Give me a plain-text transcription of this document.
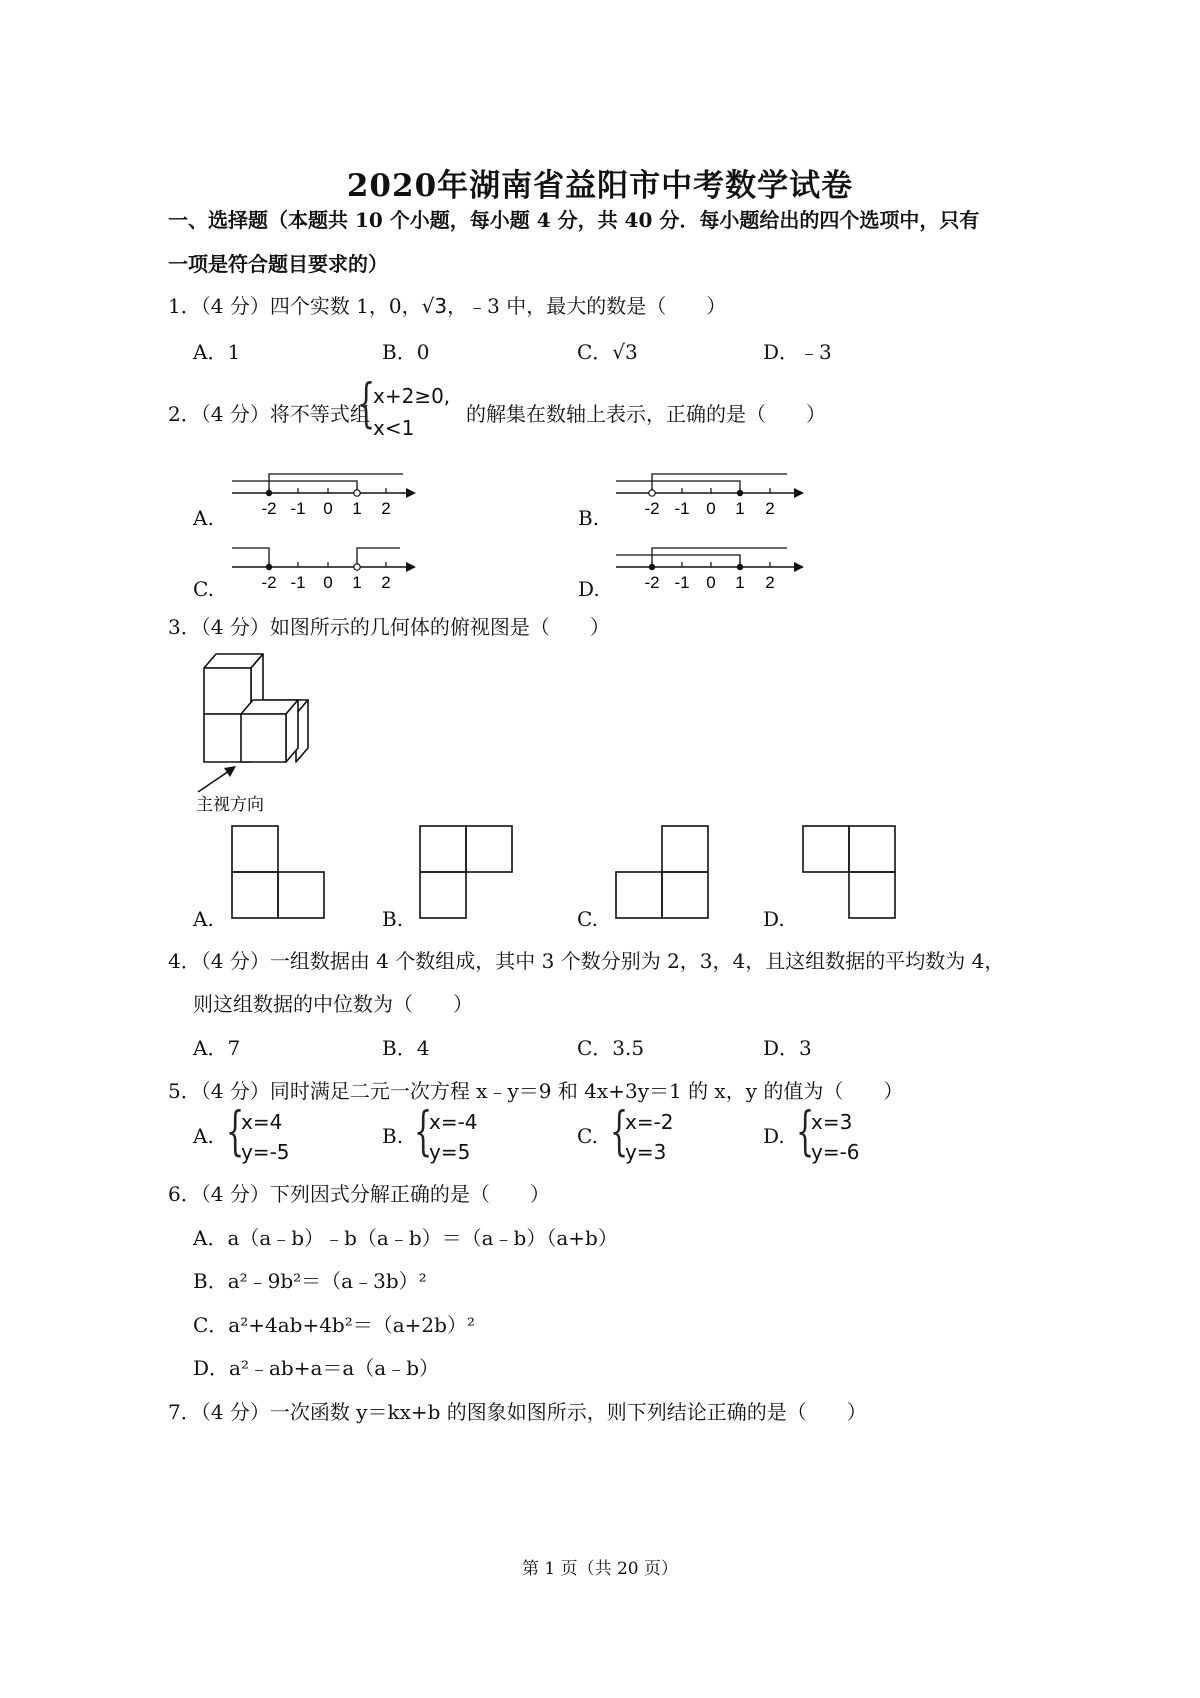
2020年湖南省益阳市中考数学试卷
一、选择题（本题共 10 个小题，每小题 4 分，共 40 分．每小题给出的四个选项中，只有
一项是符合题目要求的）
1．（4 分）四个实数 1，0，√3，﹣3 中，最大的数是（　　）
A．1	B．0	C．√3	D．﹣3
2．（4 分）将不等式组
{
x+2≥0,
x<1
的解集在数轴上表示，正确的是（　　）
A.	B.
C.	D.
-2 -1 0 1 2	-2 -1 0 1 2
-2 -1 0 1 2	-2 -1 0 1 2
3．（4 分）如图所示的几何体的俯视图是（　　）
主视方向
A.	B.	C.	D.
4．（4 分）一组数据由 4 个数组成，其中 3 个数分别为 2，3，4，且这组数据的平均数为 4，
则这组数据的中位数为（　　）
A．7	B．4	C．3.5	D．3
5．（4 分）同时满足二元一次方程 x﹣y＝9 和 4x+3y＝1 的 x，y 的值为（　　）
A. {
x=4
y=-5
B. {
x=-4
y=5
C. {
x=-2
y=3
D. {
x=3
y=-6
6．（4 分）下列因式分解正确的是（　　）
A．a（a﹣b）﹣b（a﹣b）＝（a﹣b）（a+b）
B．a²﹣9b²＝（a﹣3b）²
C．a²+4ab+4b²＝（a+2b）²
D．a²﹣ab+a＝a（a﹣b）
7．（4 分）一次函数 y＝kx+b 的图象如图所示，则下列结论正确的是（　　）
第 1 页（共 20 页）
